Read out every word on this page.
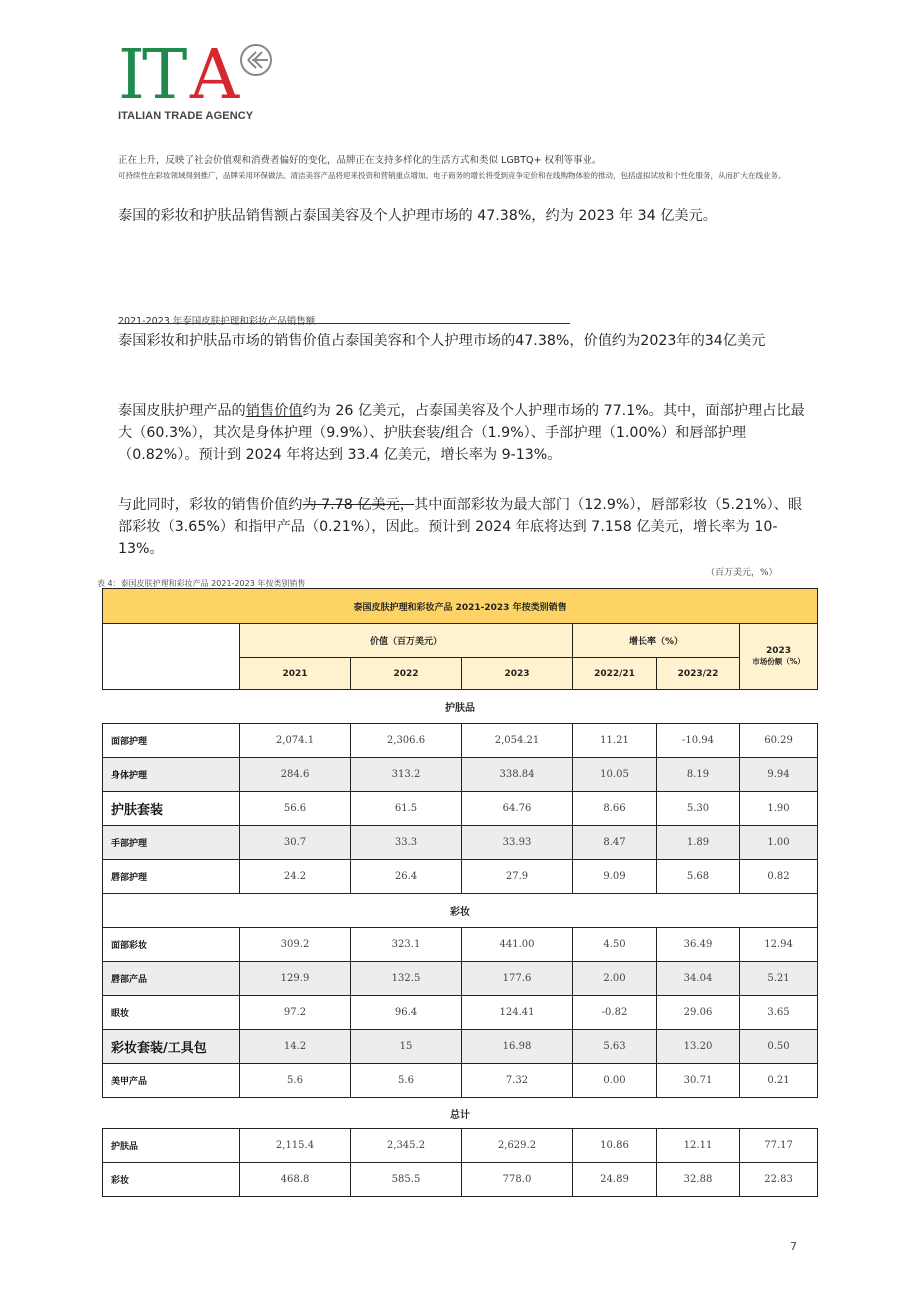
I T A
ITALIAN TRADE AGENCY
正在上升，反映了社会价值观和消费者偏好的变化，品牌正在支持多样化的生活方式和类似 LGBTQ+ 权利等事业。
可持续性在彩妆领域得到推广，品牌采用环保做法。清洁美容产品将迎来投资和营销重点增加。电子商务的增长将受到竞争定价和在线购物体验的推动，包括虚拟试妆和个性化服务，从而扩大在线业务。
泰国的彩妆和护肤品销售额占泰国美容及个人护理市场的 47.38%，约为 2023 年 34 亿美元。
2021-2023 年泰国皮肤护理和彩妆产品销售额
泰国彩妆和护肤品市场的销售价值占泰国美容和个人护理市场的47.38%，价值约为2023年的34亿美元
泰国皮肤护理产品的销售价值约为 26 亿美元，占泰国美容及个人护理市场的 77.1%。其中，面部护理占比最大（60.3%），其次是身体护理（9.9%）、护肤套装/组合（1.9%）、手部护理（1.00%）和唇部护理（0.82%）。预计到 2024 年将达到 33.4 亿美元，增长率为 9-13%。
与此同时，彩妆的销售价值约为 7.78 亿美元，其中面部彩妆为最大部门（12.9%），唇部彩妆（5.21%）、眼部彩妆（3.65%）和指甲产品（0.21%），因此。预计到 2024 年底将达到 7.158 亿美元，增长率为 10-13%。
（百万美元，%）
表 4：泰国皮肤护理和彩妆产品 2021-2023 年按类别销售
泰国皮肤护理和彩妆产品 2021-2023 年按类别销售						
	价值（百万美元）			增长率（%）		2023
市场份额（%）

	2021	2022	2023	2022/21	2023/22	
护肤品						
面部护理	2,074.1	2,306.6	2,054.21	11.21	-10.94	60.29
身体护理	284.6	313.2	338.84	10.05	8.19	9.94
护肤套装	56.6	61.5	64.76	8.66	5.30	1.90
手部护理	30.7	33.3	33.93	8.47	1.89	1.00
唇部护理	24.2	26.4	27.9	9.09	5.68	0.82
彩妆						
面部彩妆	309.2	323.1	441.00	4.50	36.49	12.94
唇部产品	129.9	132.5	177.6	2.00	34.04	5.21
眼妆	97.2	96.4	124.41	-0.82	29.06	3.65
彩妆套装/工具包	14.2	15	16.98	5.63	13.20	0.50
美甲产品	5.6	5.6	7.32	0.00	30.71	0.21
总计						
护肤品	2,115.4	2,345.2	2,629.2	10.86	12.11	77.17
彩妆	468.8	585.5	778.0	24.89	32.88	22.83
7
